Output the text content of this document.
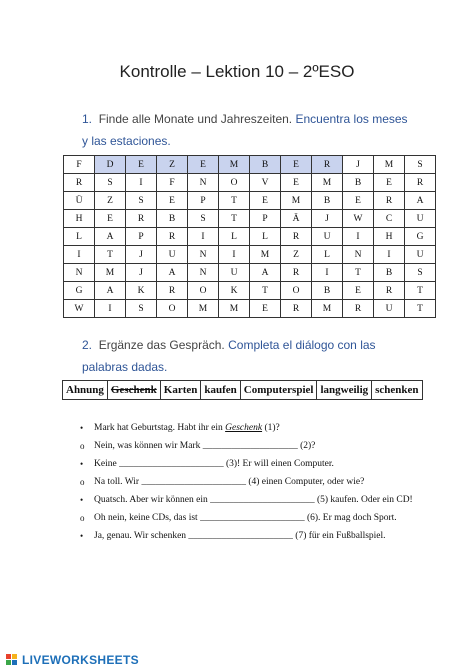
Kontrolle – Lektion 10 – 2ºESO
1. Finde alle Monate und Jahreszeiten. Encuentra los meses y las estaciones.
F	D	E	Z	E	M	B	E	R	J	M	S
R	S	I	F	N	O	V	E	M	B	E	R
Ü	Z	S	E	P	T	E	M	B	E	R	A
H	E	R	B	S	T	P	Ä	J	W	C	U
L	A	P	R	I	L	L	R	U	I	H	G
I	T	J	U	N	I	M	Z	L	N	I	U
N	M	J	A	N	U	A	R	I	T	B	S
G	A	K	R	O	K	T	O	B	E	R	T
W	I	S	O	M	M	E	R	M	R	U	T
2. Ergänze das Gespräch. Completa el diálogo con las palabras dadas.
Ahnung	Geschenk	Karten	kaufen	Computerspiel	langweilig	schenken
• Mark hat Geburtstag. Habt ihr ein Geschenk (1)?
o Nein, was können wir Mark ____________________ (2)?
• Keine ______________________ (3)! Er will einen Computer.
o Na toll. Wir ______________________ (4) einen Computer, oder wie?
• Quatsch. Aber wir können ein ______________________ (5) kaufen. Oder ein CD!
o Oh nein, keine CDs, das ist ______________________ (6). Er mag doch Sport.
• Ja, genau. Wir schenken ______________________ (7) für ein Fußballspiel.
LIVEWORKSHEETS
